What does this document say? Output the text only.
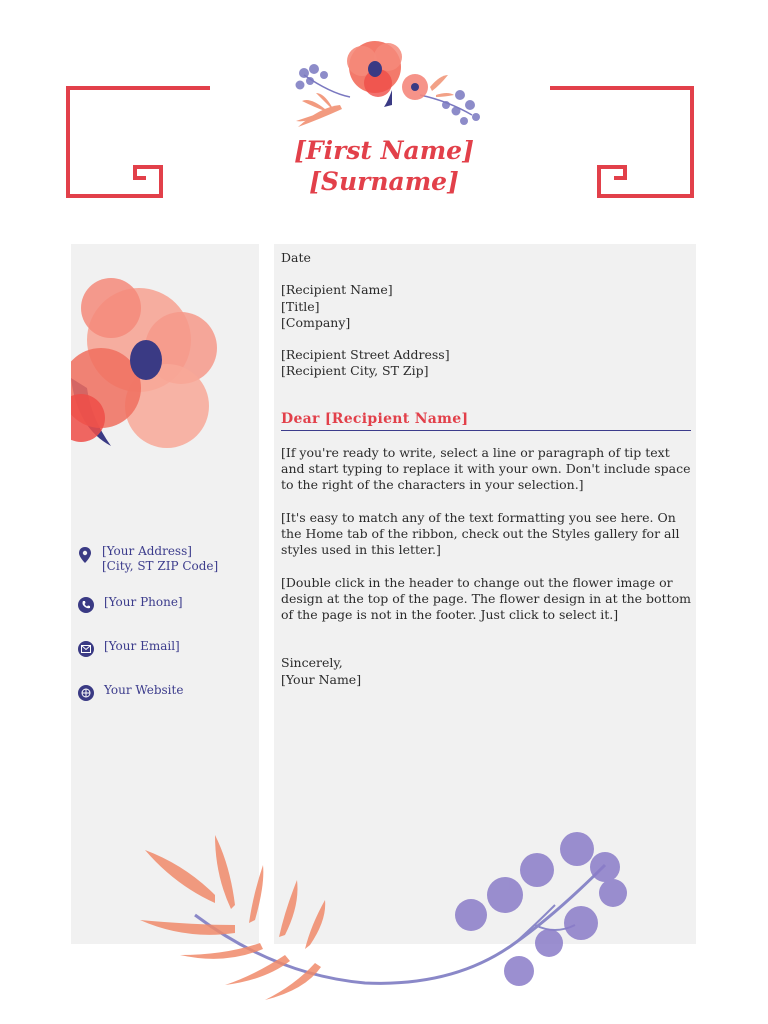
[First Name]
[Surname]
[Your Address]
[City, ST ZIP Code]
[Your Phone]
[Your Email]
Your Website

Date

[Recipient Name]

[Title]

[Company]

[Recipient Street Address]

[Recipient City, ST Zip]

Dear [Recipient Name]

[If you're ready to write, select a line or paragraph of tip text and start typing to replace it with your own. Don't include space to the right of the characters in your selection.]

[It's easy to match any of the text formatting you see here. On the Home tab of the ribbon, check out the Styles gallery for all styles used in this letter.]

[Double click in the header to change out the flower image or design at the top of the page. The flower design in at the bottom of the page is not in the footer. Just click to select it.]

Sincerely,

[Your Name]
